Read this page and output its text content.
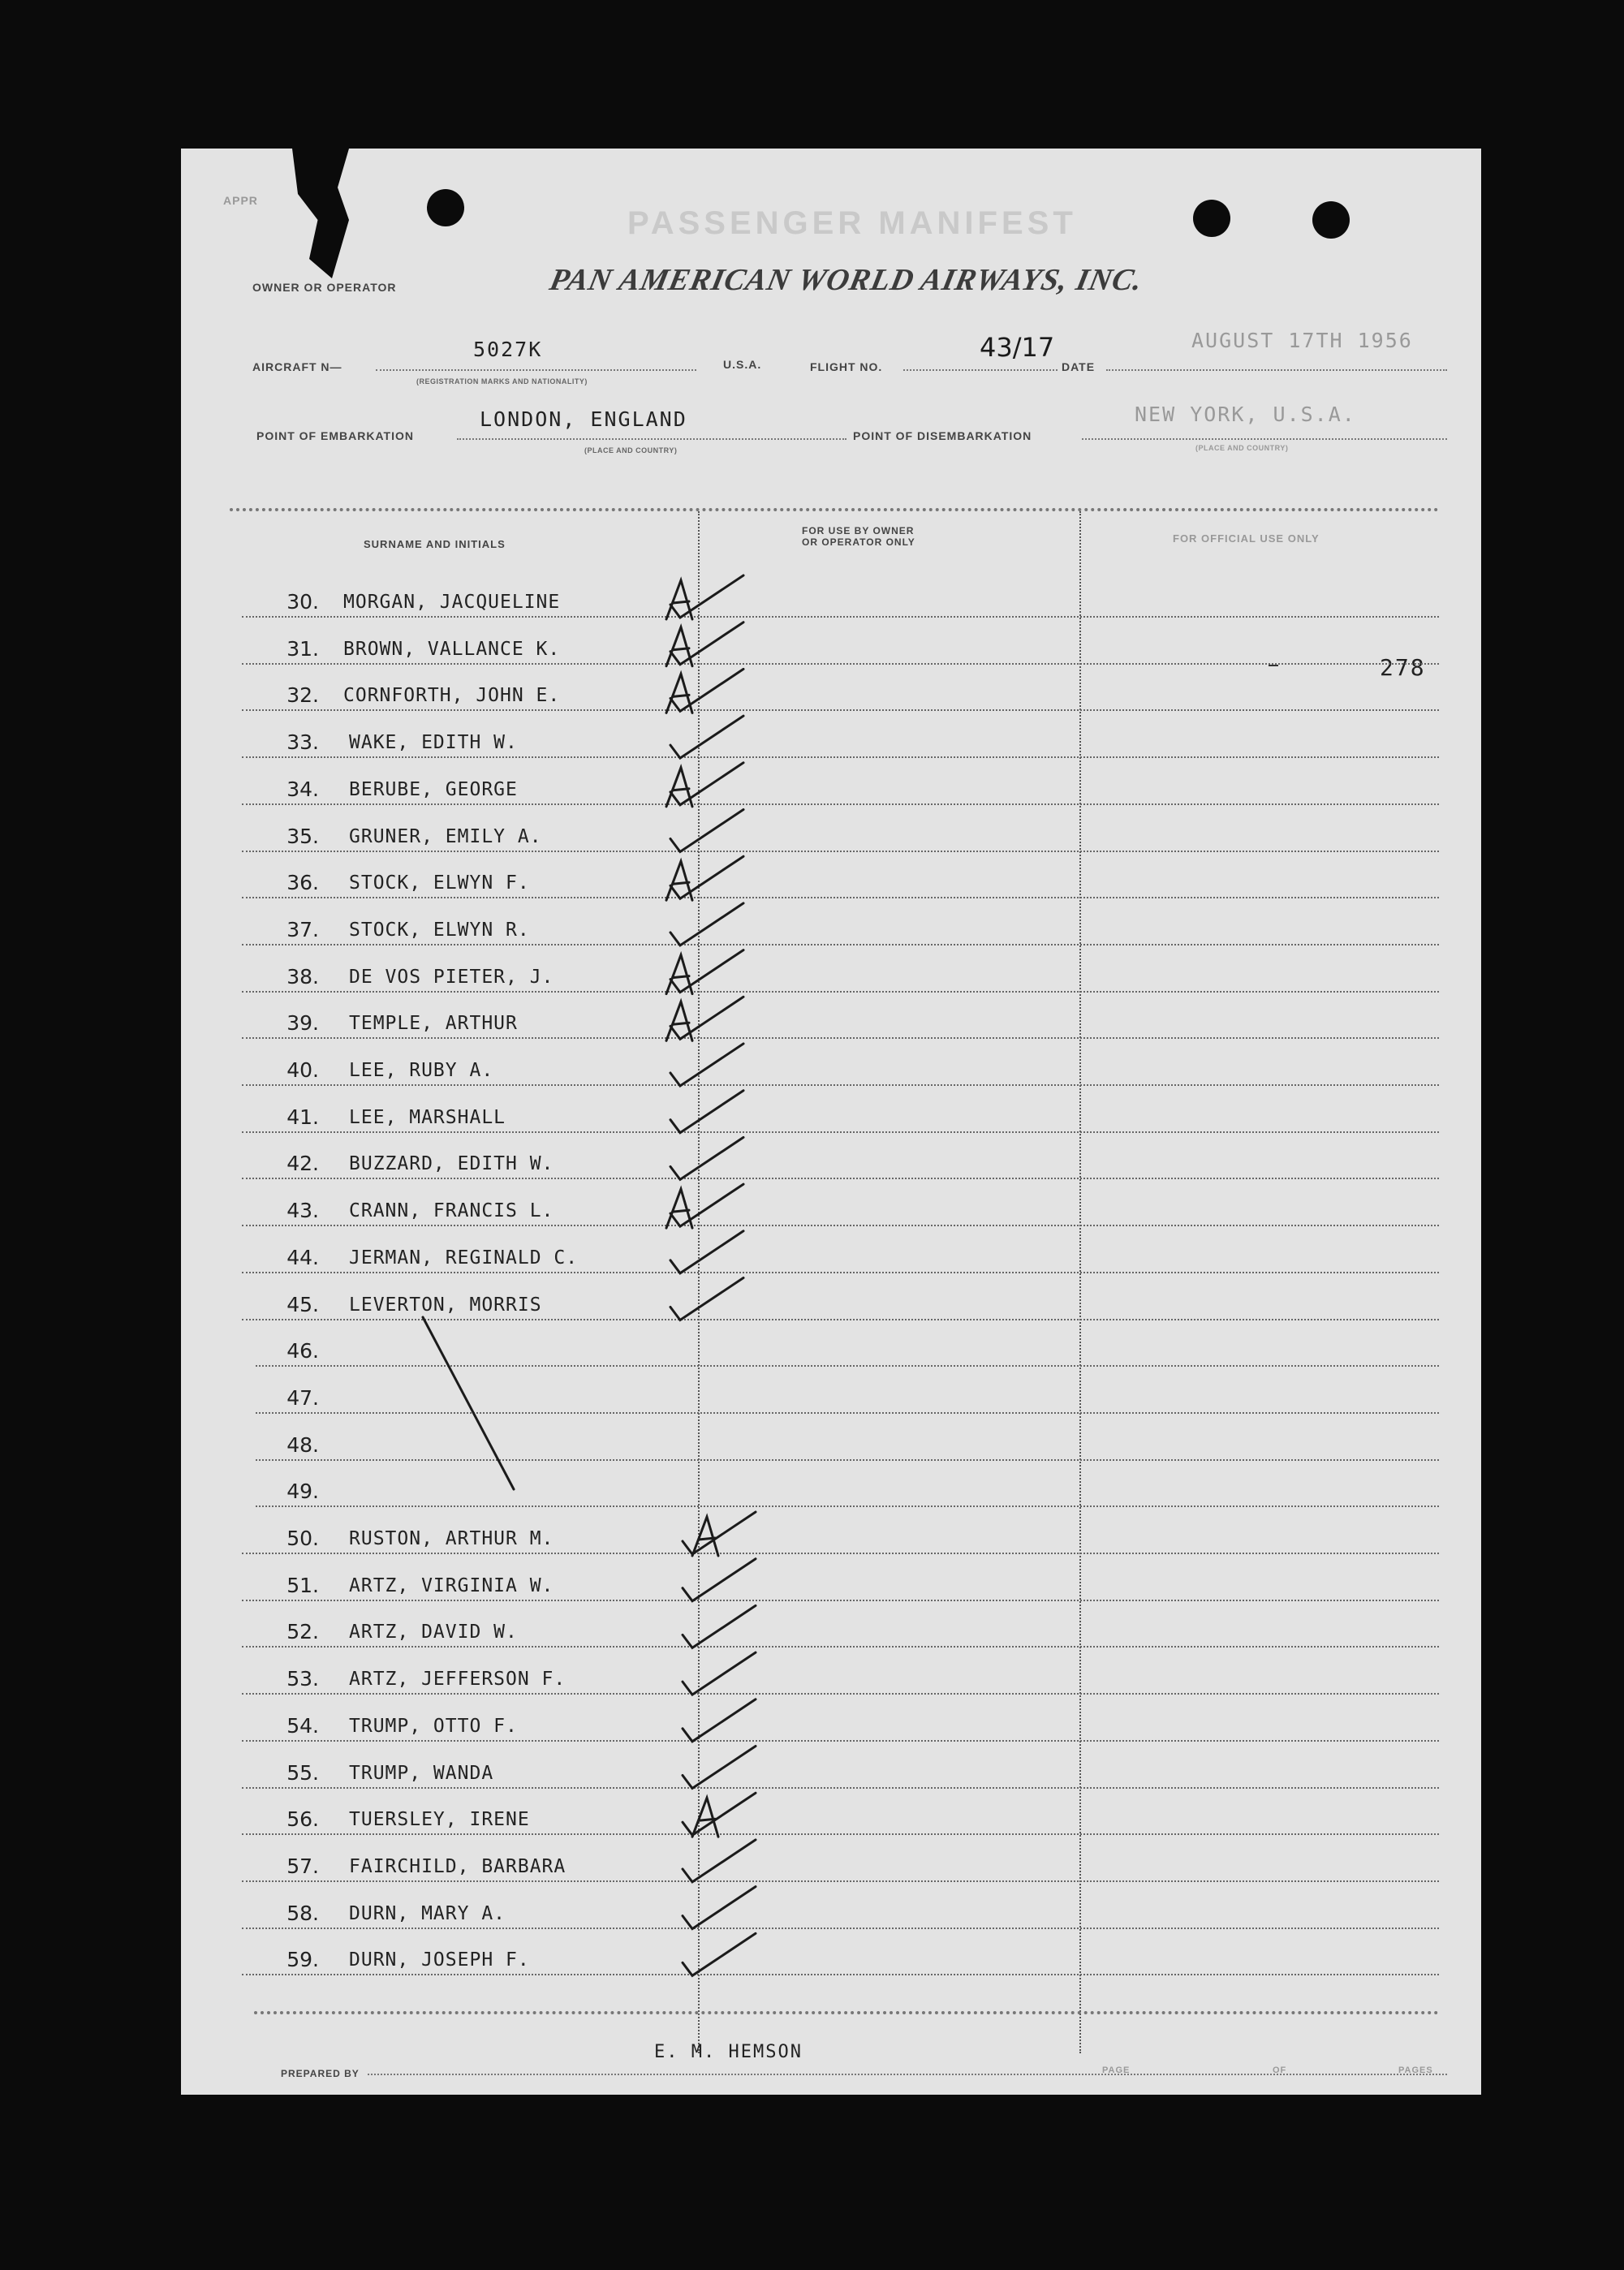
APPR
PASSENGER MANIFEST
PAN AMERICAN WORLD AIRWAYS, INC.
OWNER OR OPERATOR
AIRCRAFT N—
5027K
(REGISTRATION MARKS AND NATIONALITY)
U.S.A.	FLIGHT NO.
43/17
DATE
AUGUST 17TH 1956
POINT OF EMBARKATION
LONDON, ENGLAND
(PLACE AND COUNTRY)
POINT OF DISEMBARKATION
NEW YORK, U.S.A.
(PLACE AND COUNTRY)
SURNAME AND INITIALS
FOR USE BY OWNER
OR OPERATOR ONLY	FOR OFFICIAL USE ONLY
278
30. MORGAN, JACQUELINE
31. BROWN, VALLANCE K.
32. CORNFORTH, JOHN E.
33. WAKE, EDITH W.
34. BERUBE, GEORGE
35. GRUNER, EMILY A.
36. STOCK, ELWYN F.
37. STOCK, ELWYN R.
38. DE VOS PIETER, J.
39. TEMPLE, ARTHUR
40. LEE, RUBY A.
41. LEE, MARSHALL
42. BUZZARD, EDITH W.
43. CRANN, FRANCIS L.
44. JERMAN, REGINALD C.
45. LEVERTON, MORRIS
46.
47.
48.
49.
50. RUSTON, ARTHUR M.
51. ARTZ, VIRGINIA W.
52. ARTZ, DAVID W.
53. ARTZ, JEFFERSON F.
54. TRUMP, OTTO F.
55. TRUMP, WANDA
56. TUERSLEY, IRENE
57. FAIRCHILD, BARBARA
58. DURN, MARY A.
59. DURN, JOSEPH F.
PREPARED BY
E. M. HEMSON
PAGE	OF	PAGES
